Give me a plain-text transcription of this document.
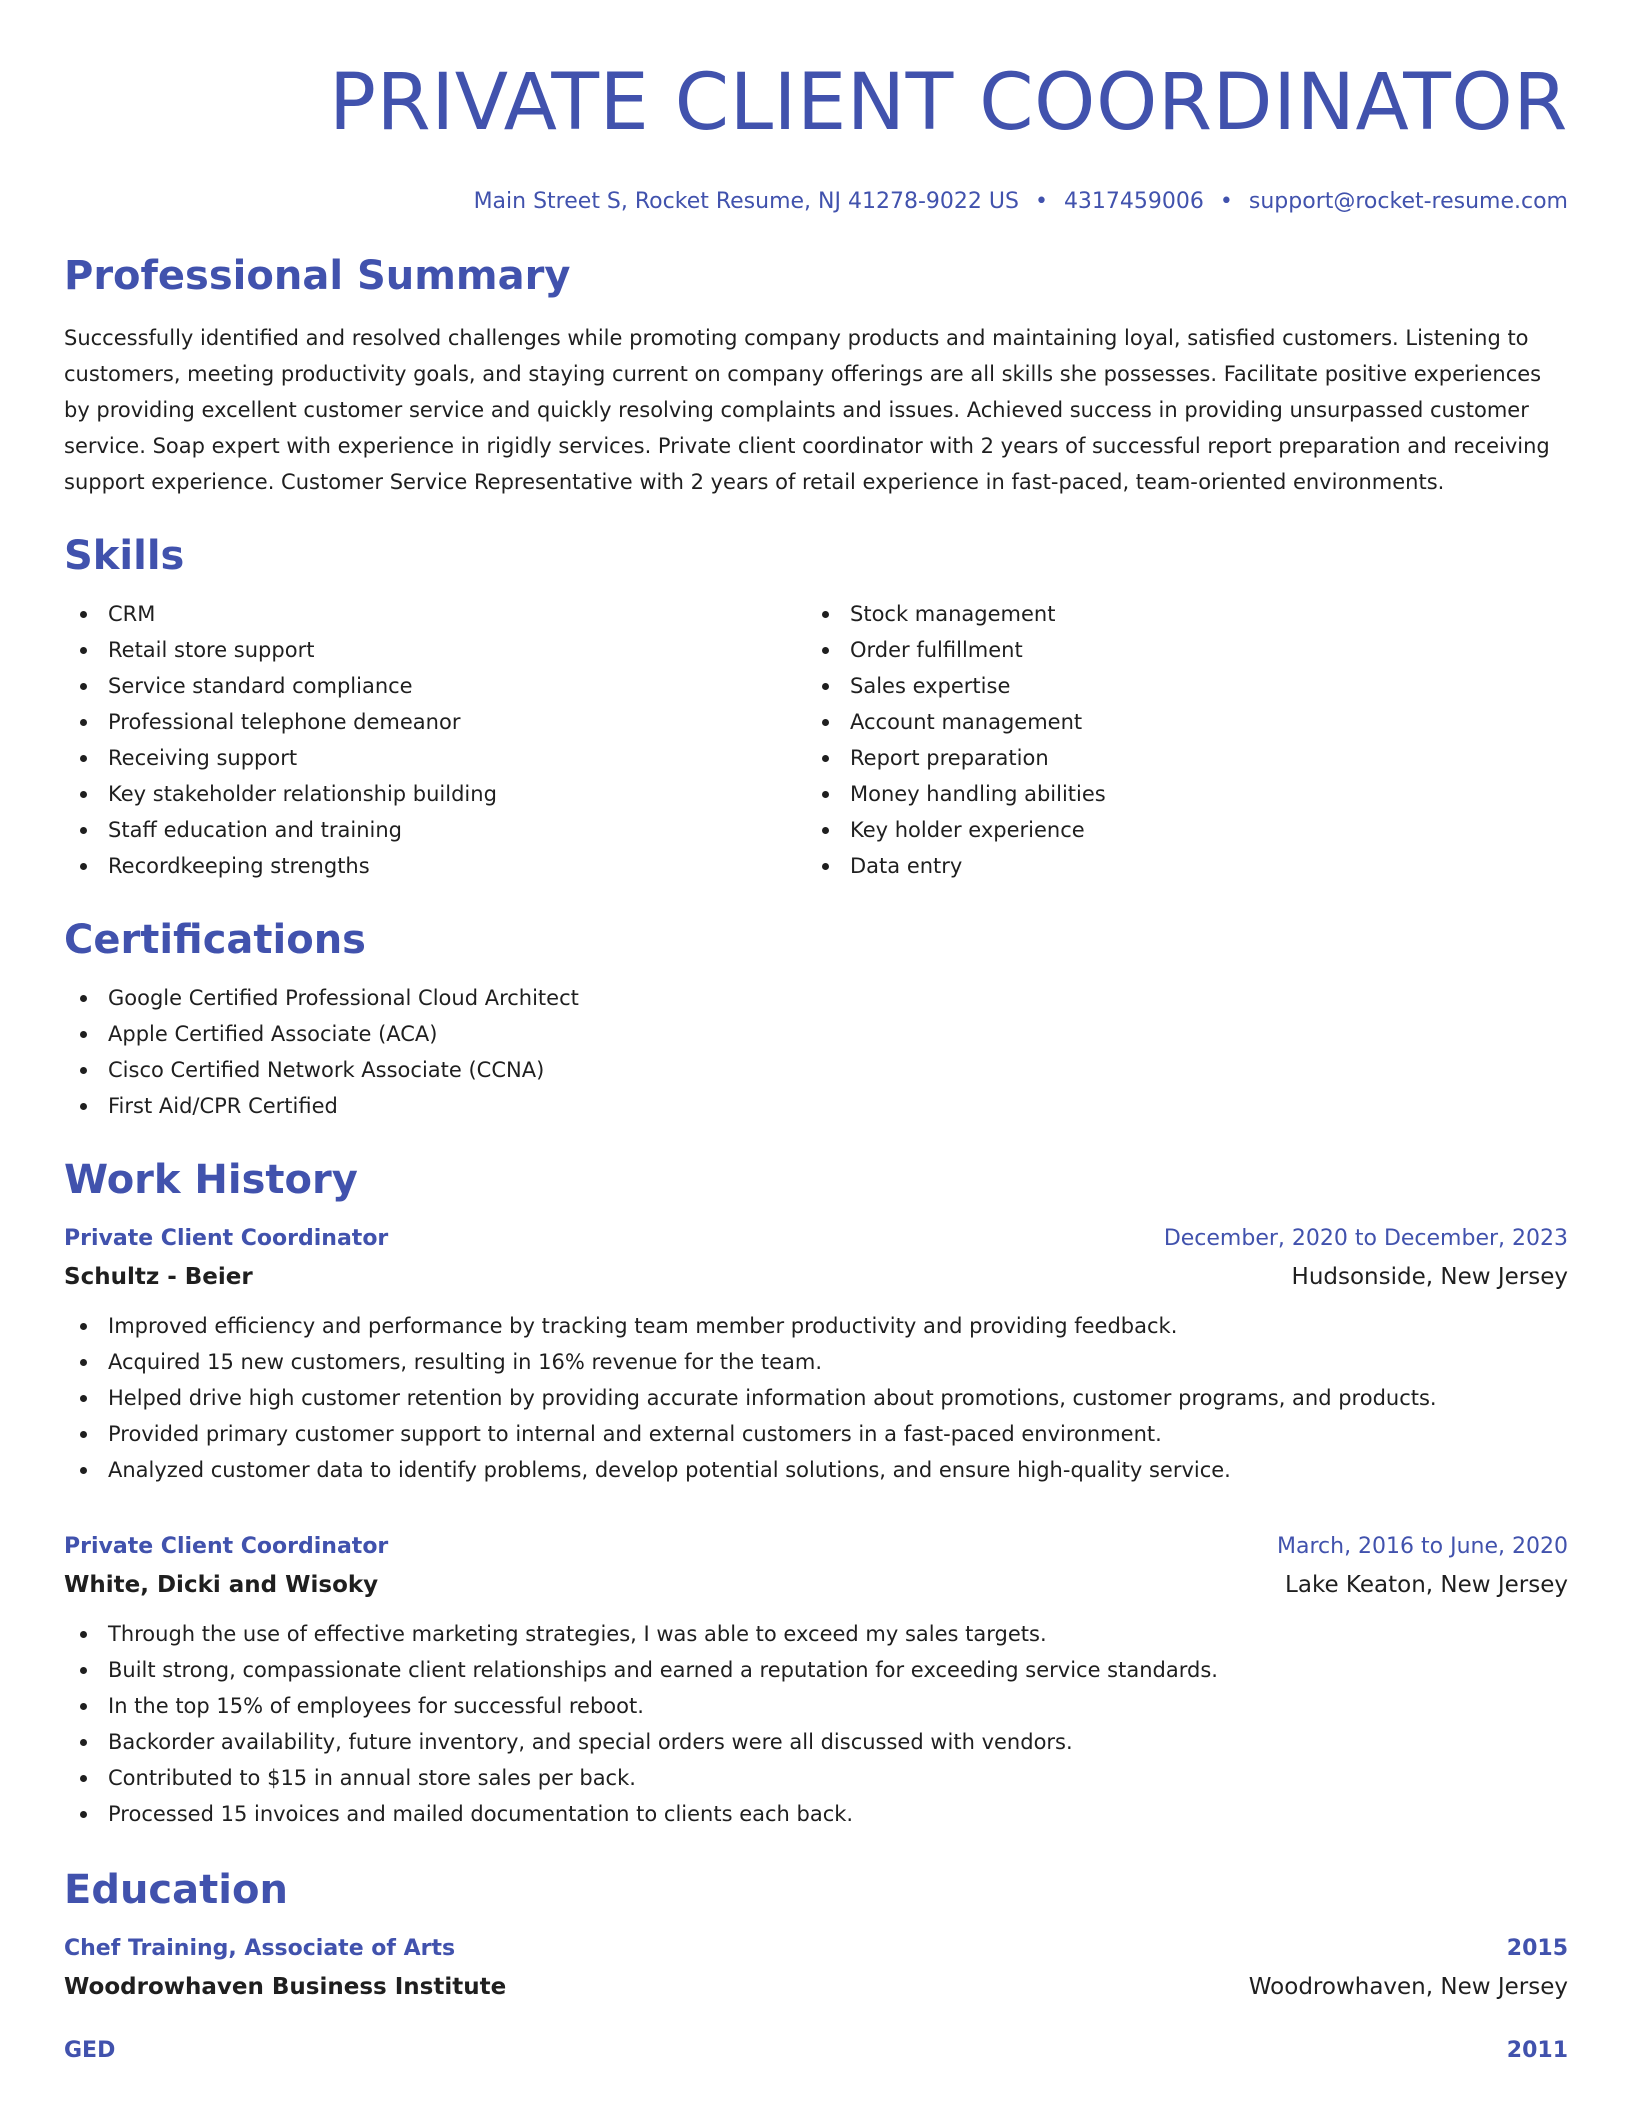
PRIVATE CLIENT COORDINATOR
Main Street S, Rocket Resume, NJ 41278-9022 US • 4317459006 • support@rocket-resume.com
Professional Summary
Successfully identified and resolved challenges while promoting company products and maintaining loyal, satisfied customers. Listening to customers, meeting productivity goals, and staying current on company offerings are all skills she possesses. Facilitate positive experiences by providing excellent customer service and quickly resolving complaints and issues. Achieved success in providing unsurpassed customer service. Soap expert with experience in rigidly services. Private client coordinator with 2 years of successful report preparation and receiving support experience. Customer Service Representative with 2 years of retail experience in fast-paced, team-oriented environments.
Skills
CRM
Retail store support
Service standard compliance
Professional telephone demeanor
Receiving support
Key stakeholder relationship building
Staff education and training
Recordkeeping strengths
Stock management
Order fulfillment
Sales expertise
Account management
Report preparation
Money handling abilities
Key holder experience
Data entry
Certifications
Google Certified Professional Cloud Architect
Apple Certified Associate (ACA)
Cisco Certified Network Associate (CCNA)
First Aid/CPR Certified
Work History
Private Client Coordinator	December, 2020 to December, 2023
Schultz - Beier	Hudsonside, New Jersey
Improved efficiency and performance by tracking team member productivity and providing feedback.
Acquired 15 new customers, resulting in 16% revenue for the team.
Helped drive high customer retention by providing accurate information about promotions, customer programs, and products.
Provided primary customer support to internal and external customers in a fast-paced environment.
Analyzed customer data to identify problems, develop potential solutions, and ensure high-quality service.
Private Client Coordinator	March, 2016 to June, 2020
White, Dicki and Wisoky	Lake Keaton, New Jersey
Through the use of effective marketing strategies, I was able to exceed my sales targets.
Built strong, compassionate client relationships and earned a reputation for exceeding service standards.
In the top 15% of employees for successful reboot.
Backorder availability, future inventory, and special orders were all discussed with vendors.
Contributed to $15 in annual store sales per back.
Processed 15 invoices and mailed documentation to clients each back.
Education
Chef Training, Associate of Arts	2015
Woodrowhaven Business Institute	Woodrowhaven, New Jersey
GED	2011
